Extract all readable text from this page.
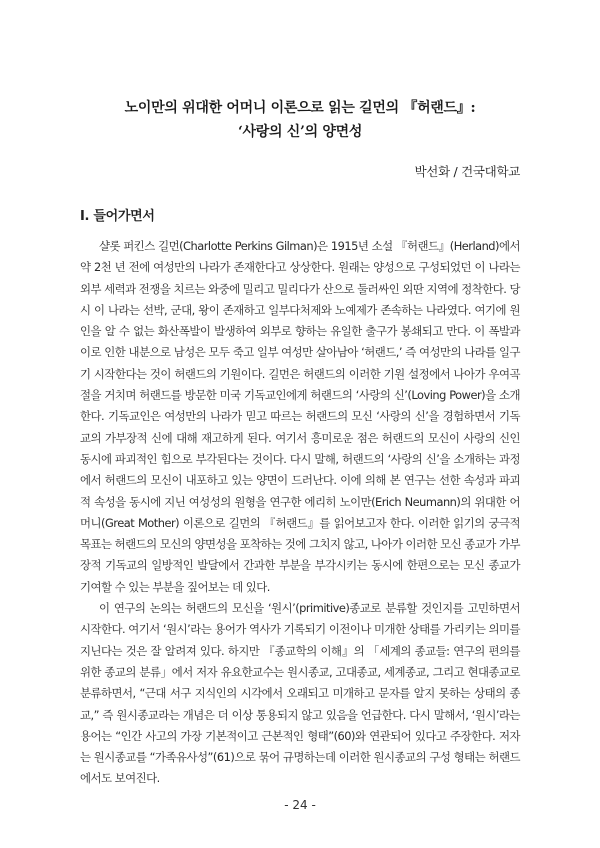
노이만의 위대한 어머니 이론으로 읽는 길먼의 『허랜드』:
‘사랑의 신’의 양면성
박선화 / 건국대학교
Ⅰ. 들어가면서

샬롯 퍼킨스 길먼(Charlotte Perkins Gilman)은 1915년 소설 『허랜드』(Herland)에서 약 2천 년 전에 여성만의 나라가 존재한다고 상상한다. 원래는 양성으로 구성되었던 이 나라는 외부 세력과 전쟁을 치르는 와중에 밀리고 밀리다가 산으로 둘러싸인 외딴 지역에 정착한다. 당시 이 나라는 선박, 군대, 왕이 존재하고 일부다처제와 노예제가 존속하는 나라였다. 여기에 원인을 알 수 없는 화산폭발이 발생하여 외부로 향하는 유일한 출구가 봉쇄되고 만다. 이 폭발과 이로 인한 내분으로 남성은 모두 죽고 일부 여성만 살아남아 ‘허랜드,’ 즉 여성만의 나라를 일구기 시작한다는 것이 허랜드의 기원이다. 길먼은 허랜드의 이러한 기원 설정에서 나아가 우여곡절을 거치며 허랜드를 방문한 미국 기독교인에게 허랜드의 ‘사랑의 신’(Loving Power)을 소개한다. 기독교인은 여성만의 나라가 믿고 따르는 허랜드의 모신 ‘사랑의 신’을 경험하면서 기독교의 가부장적 신에 대해 재고하게 된다. 여기서 흥미로운 점은 허랜드의 모신이 사랑의 신인 동시에 파괴적인 힘으로 부각된다는 것이다. 다시 말해, 허랜드의 ‘사랑의 신’을 소개하는 과정에서 허랜드의 모신이 내포하고 있는 양면이 드러난다. 이에 의해 본 연구는 선한 속성과 파괴적 속성을 동시에 지닌 여성성의 원형을 연구한 에리히 노이만(Erich Neumann)의 위대한 어머니(Great Mother) 이론으로 길먼의 『허랜드』를 읽어보고자 한다. 이러한 읽기의 궁극적 목표는 허랜드의 모신의 양면성을 포착하는 것에 그치지 않고, 나아가 이러한 모신 종교가 가부장적 기독교의 일방적인 발달에서 간과한 부분을 부각시키는 동시에 한편으로는 모신 종교가 기여할 수 있는 부분을 짚어보는 데 있다.

이 연구의 논의는 허랜드의 모신을 ‘원시’(primitive)종교로 분류할 것인지를 고민하면서 시작한다. 여기서 ‘원시’라는 용어가 역사가 기록되기 이전이나 미개한 상태를 가리키는 의미를 지닌다는 것은 잘 알려져 있다. 하지만 『종교학의 이해』의 「세계의 종교들: 연구의 편의를 위한 종교의 분류」에서 저자 유요한교수는 원시종교, 고대종교, 세계종교, 그리고 현대종교로 분류하면서, “근대 서구 지식인의 시각에서 오래되고 미개하고 문자를 알지 못하는 상태의 종교,” 즉 원시종교라는 개념은 더 이상 통용되지 않고 있음을 언급한다. 다시 말해서, ‘원시’라는 용어는 “인간 사고의 가장 기본적이고 근본적인 형태”(60)와 연관되어 있다고 주장한다. 저자는 원시종교를 “가족유사성”(61)으로 묶어 규명하는데 이러한 원시종교의 구성 형태는 허랜드에서도 보여진다.

- 24 -
